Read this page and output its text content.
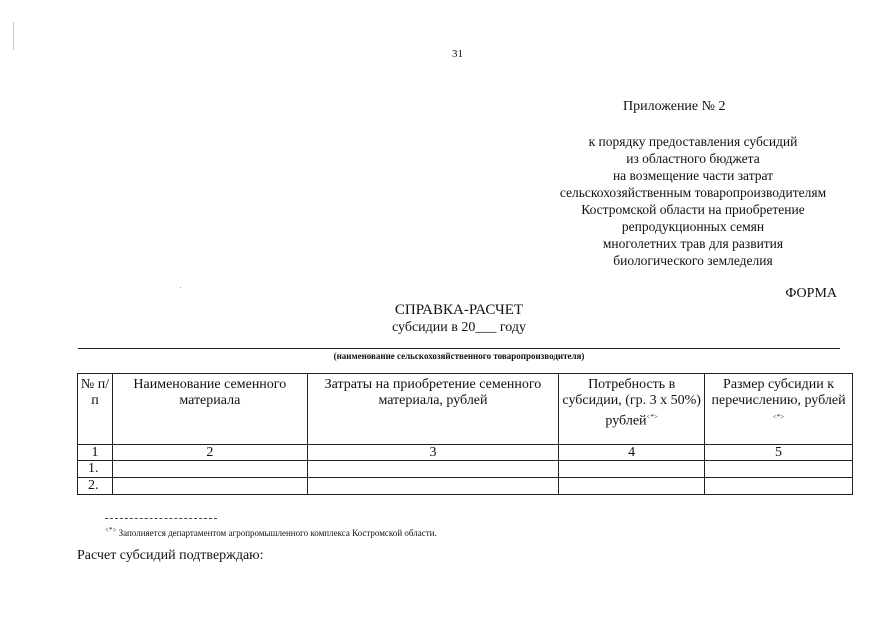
31
Приложение № 2
к порядку предоставления субсидий
из областного бюджета
на возмещение части затрат
сельскохозяйственным товаропроизводителям
Костромской области на приобретение
репродукционных семян
многолетних трав для развития
биологического земледелия
ФОРМА
СПРАВКА-РАСЧЕТ
субсидии в 20___ году
(наименование сельскохозяйственного товаропроизводителя)
№ п/п	Наименование семенного материала	Затраты на приобретение семенного материала, рублей	Потребность в субсидии, (гр. 3 х 50%) рублей<*>	Размер субсидии к перечислению, рублей <*>
1	2	3	4	5
1.				
2.				
<*> Заполняется департаментом агропромышленного комплекса Костромской области.
Расчет субсидий подтверждаю:
